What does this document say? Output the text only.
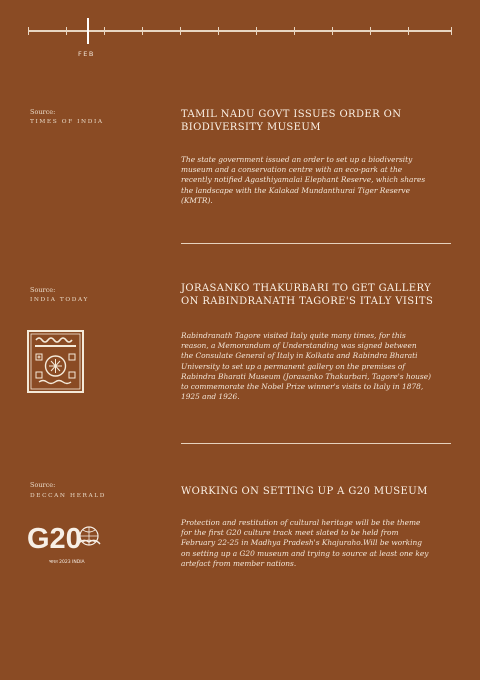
FEB
Source:
TIMES OF INDIA
TAMIL NADU GOVT ISSUES ORDER ON BIODIVERSITY MUSEUM
The state government issued an order to set up a biodiversity museum and a conservation centre with an eco-park at the recently notified Agasthiyamalai Elephant Reserve, which shares the landscape with the Kalakad Mundanthurai Tiger Reserve (KMTR).
Source:
INDIA TODAY
JORASANKO THAKURBARI TO GET GALLERY ON RABINDRANATH TAGORE'S ITALY VISITS
Rabindranath Tagore visited Italy quite many times, for this reason, a Memorandum of Understanding was signed between the Consulate General of Italy in Kolkata and Rabindra Bharati University to set up a permanent gallery on the premises of Rabindra Bharati Museum (Jorasanko Thakurbari, Tagore's house) to commemorate the Nobel Prize winner's visits to Italy in 1878, 1925 and 1926.
Source:
DECCAN HERALD	WORKING ON SETTING UP A G20 MUSEUM
Protection and restitution of cultural heritage will be the theme for the first G20 culture track meet slated to be held from February 22-25 in Madhya Pradesh's Khajuraho.Will be working on setting up a G20 museum and trying to source at least one key artefact from member nations.
G20
भारत 2023 INDIA
